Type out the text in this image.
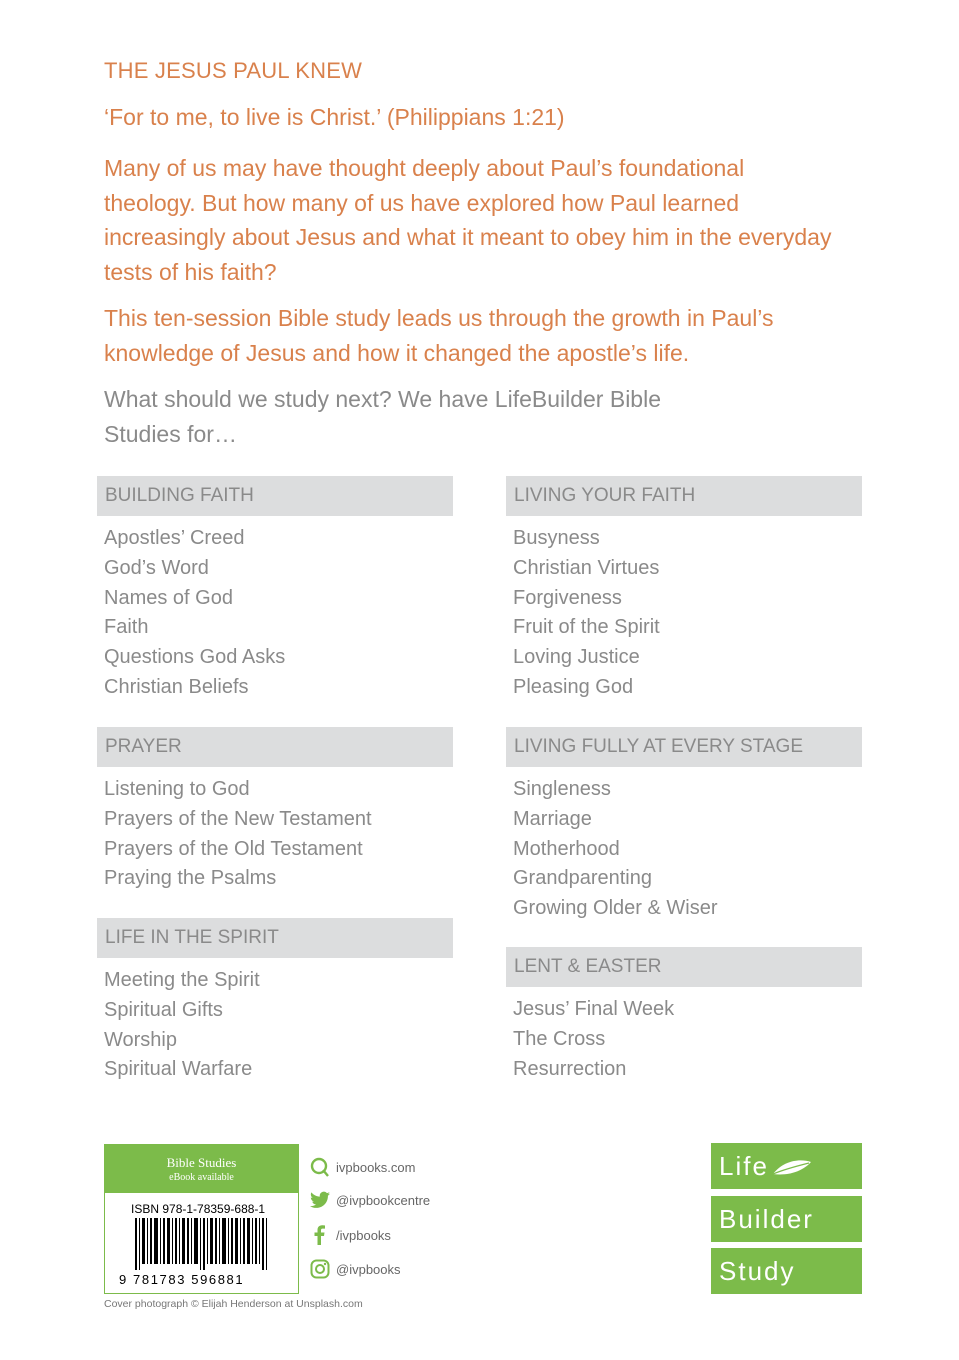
THE JESUS PAUL KNEW
‘For to me, to live is Christ.’ (Philippians 1:21)
Many of us may have thought deeply about Paul’s foundational theology. But how many of us have explored how Paul learned increasingly about Jesus and what it meant to obey him in the everyday tests of his faith?
This ten-session Bible study leads us through the growth in Paul’s knowledge of Jesus and how it changed the apostle’s life.
What should we study next? We have LifeBuilder Bible Studies for…
BUILDING FAITH
Apostles’ Creed
God’s Word
Names of God
Faith
Questions God Asks
Christian Beliefs
PRAYER
Listening to God
Prayers of the New Testament
Prayers of the Old Testament
Praying the Psalms
LIFE IN THE SPIRIT
Meeting the Spirit
Spiritual Gifts
Worship
Spiritual Warfare
LIVING YOUR FAITH
Busyness
Christian Virtues
Forgiveness
Fruit of the Spirit
Loving Justice
Pleasing God
LIVING FULLY AT EVERY STAGE
Singleness
Marriage
Motherhood
Grandparenting
Growing Older & Wiser
LENT & EASTER
Jesus’ Final Week
The Cross
Resurrection
Bible Studies
eBook available
ISBN 978-1-78359-688-1
9 781783 596881
ivpbooks.com
@ivpbookcentre
/ivpbooks
@ivpbooks
Cover photograph © Elijah Henderson at Unsplash.com
Life
Builder
Study
